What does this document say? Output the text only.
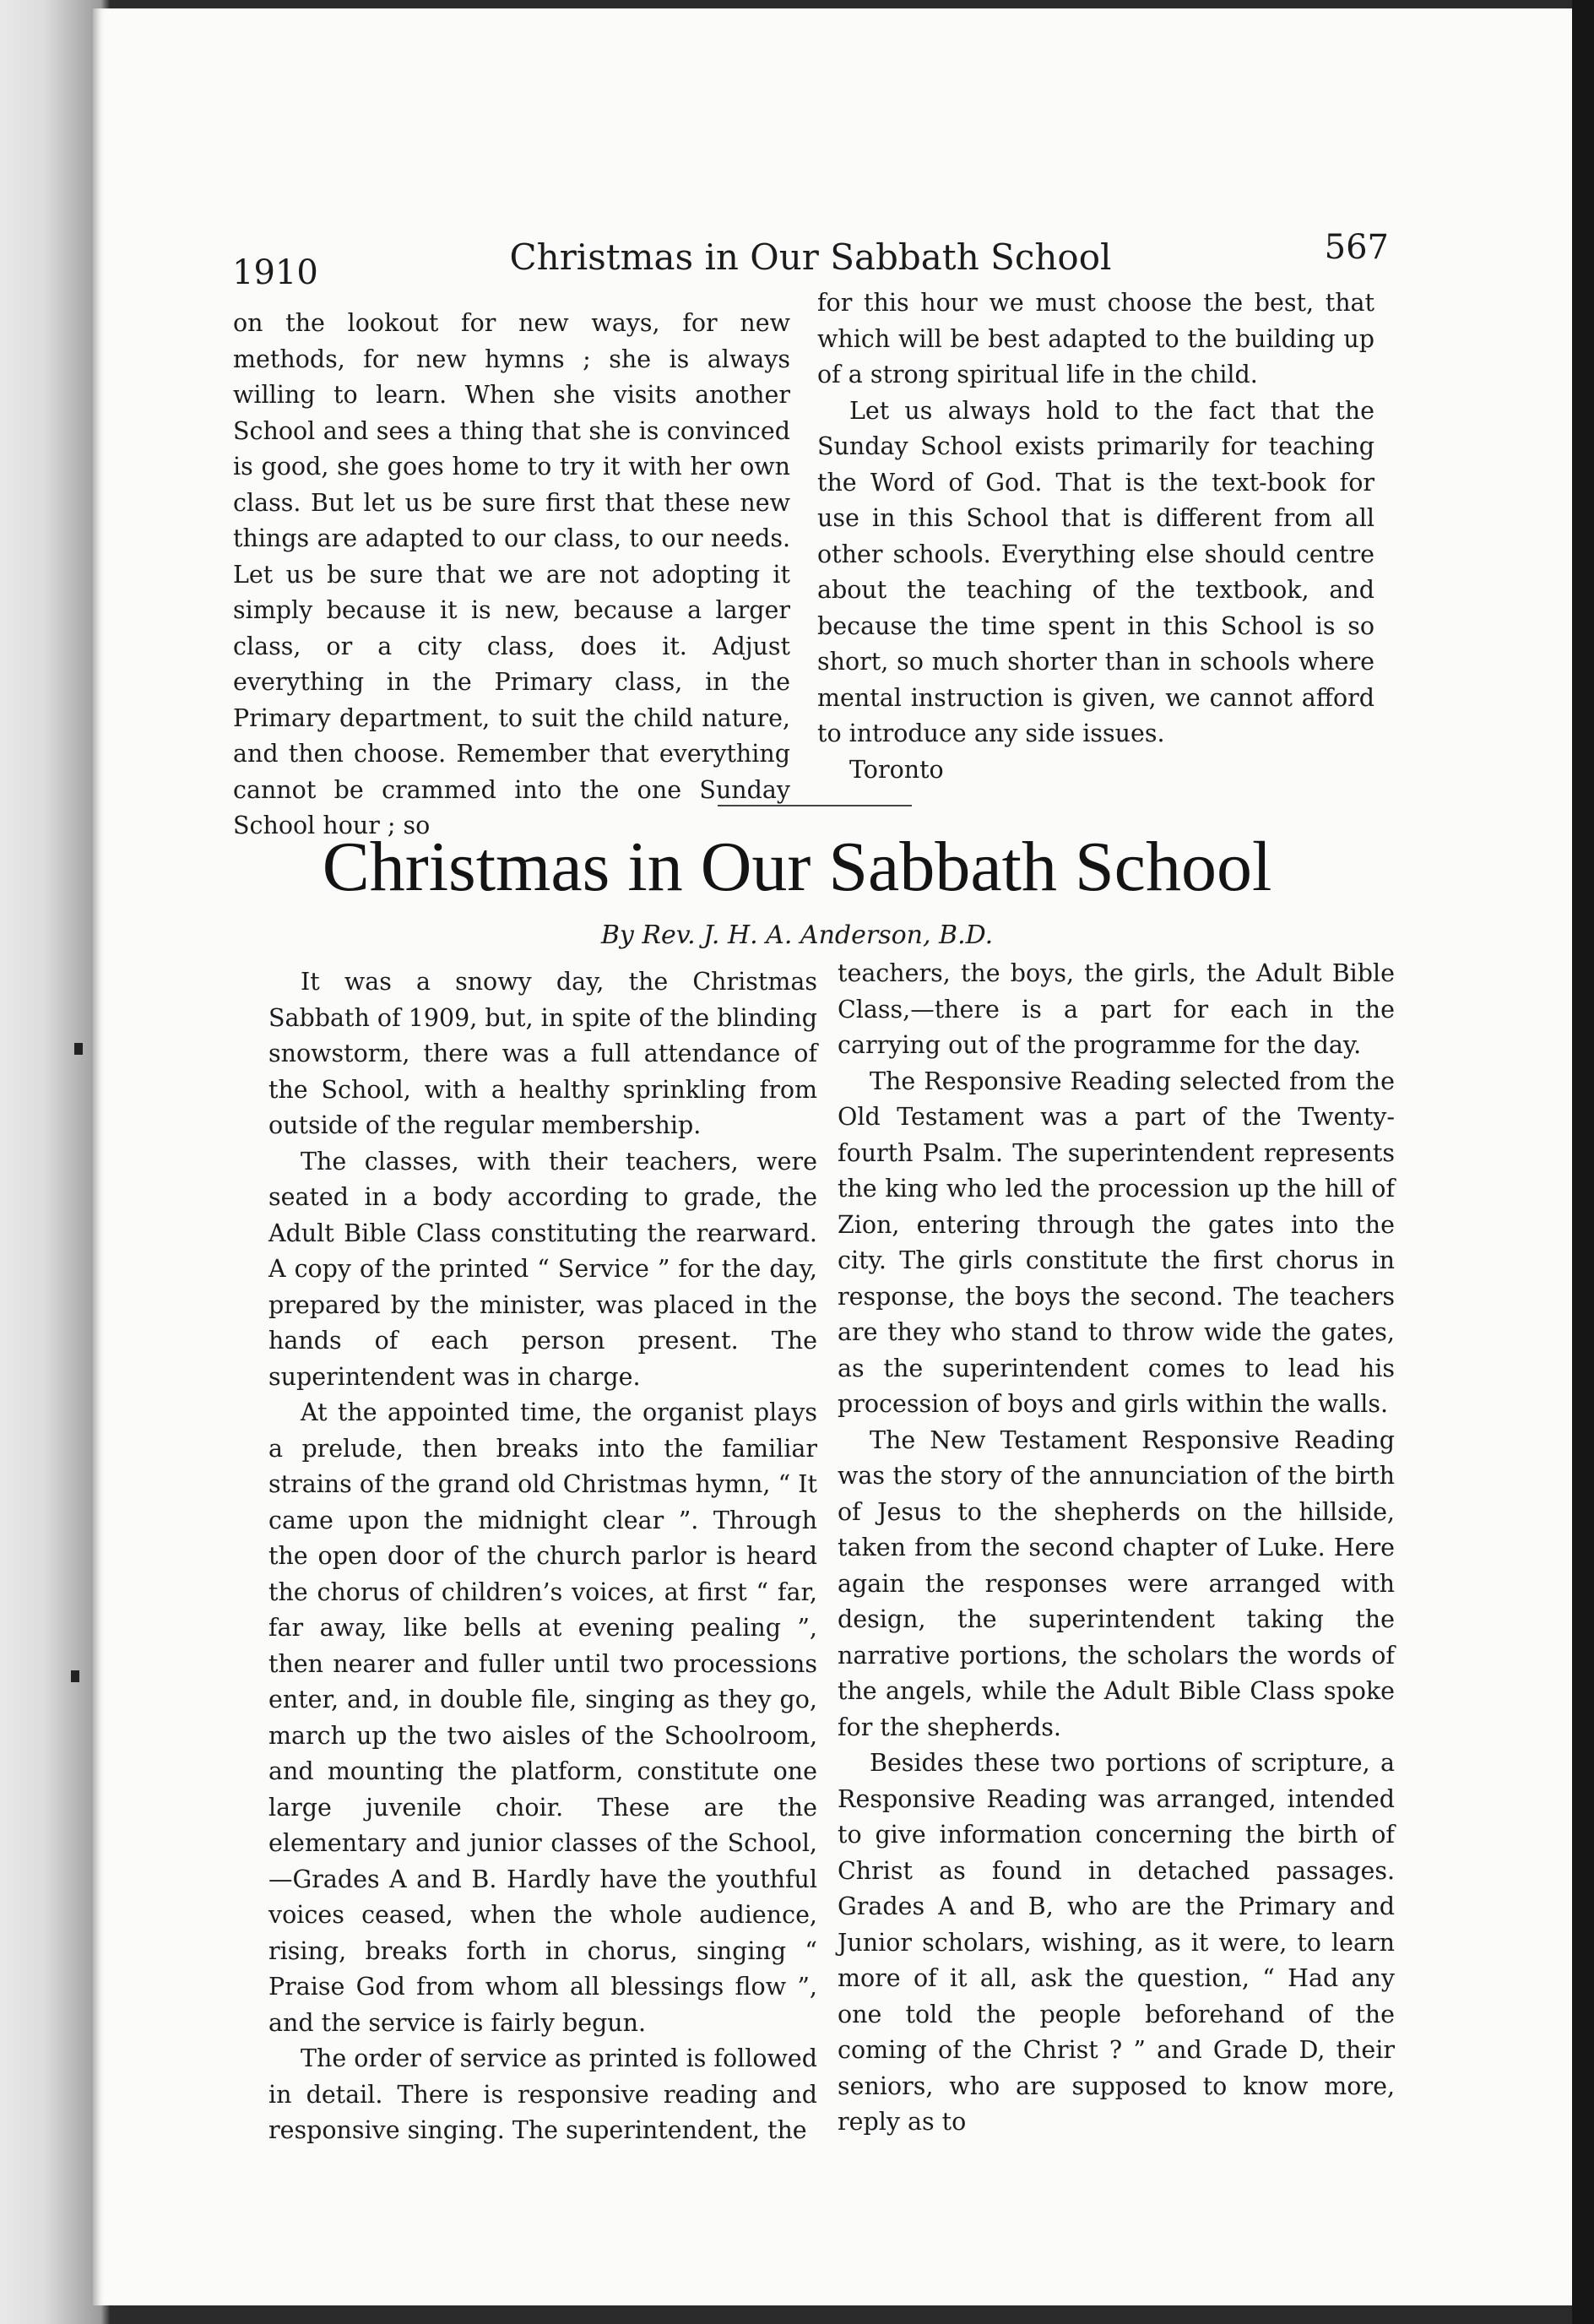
1910	Christmas in Our Sabbath School	567

on the lookout for new ways, for new methods, for new hymns ; she is always willing to learn. When she visits another School and sees a thing that she is convinced is good, she goes home to try it with her own class. But let us be sure first that these new things are adapted to our class, to our needs. Let us be sure that we are not adopting it simply because it is new, because a larger class, or a city class, does it. Adjust everything in the Primary class, in the Primary department, to suit the child nature, and then choose. Remember that everything cannot be crammed into the one Sunday School hour ; so

for this hour we must choose the best, that which will be best adapted to the building up of a strong spiritual life in the child.

Let us always hold to the fact that the Sunday School exists primarily for teaching the Word of God. That is the text-book for use in this School that is different from all other schools. Everything else should centre about the teaching of the textbook, and because the time spent in this School is so short, so much shorter than in schools where mental instruction is given, we cannot afford to introduce any side issues.

Toronto

Christmas in Our Sabbath School
By Rev. J. H. A. Anderson, B.D.

It was a snowy day, the Christmas Sabbath of 1909, but, in spite of the blinding snowstorm, there was a full attendance of the School, with a healthy sprinkling from outside of the regular membership.

The classes, with their teachers, were seated in a body according to grade, the Adult Bible Class constituting the rearward. A copy of the printed “ Service ” for the day, prepared by the minister, was placed in the hands of each person present. The superintendent was in charge.

At the appointed time, the organist plays a prelude, then breaks into the familiar strains of the grand old Christmas hymn, “ It came upon the midnight clear ”. Through the open door of the church parlor is heard the chorus of children’s voices, at first “ far, far away, like bells at evening pealing ”, then nearer and fuller until two processions enter, and, in double file, singing as they go, march up the two aisles of the Schoolroom, and mounting the platform, constitute one large juvenile choir. These are the elementary and junior classes of the School,—Grades A and B. Hardly have the youthful voices ceased, when the whole audience, rising, breaks forth in chorus, singing “ Praise God from whom all blessings flow ”, and the service is fairly begun.

The order of service as printed is followed in detail. There is responsive reading and responsive singing. The superintendent, the

teachers, the boys, the girls, the Adult Bible Class,—there is a part for each in the carrying out of the programme for the day.

The Responsive Reading selected from the Old Testament was a part of the Twenty-fourth Psalm. The superintendent represents the king who led the procession up the hill of Zion, entering through the gates into the city. The girls constitute the first chorus in response, the boys the second. The teachers are they who stand to throw wide the gates, as the superintendent comes to lead his procession of boys and girls within the walls.

The New Testament Responsive Reading was the story of the annunciation of the birth of Jesus to the shepherds on the hillside, taken from the second chapter of Luke. Here again the responses were arranged with design, the superintendent taking the narrative portions, the scholars the words of the angels, while the Adult Bible Class spoke for the shepherds.

Besides these two portions of scripture, a Responsive Reading was arranged, intended to give information concerning the birth of Christ as found in detached passages. Grades A and B, who are the Primary and Junior scholars, wishing, as it were, to learn more of it all, ask the question, “ Had any one told the people beforehand of the coming of the Christ ? ” and Grade D, their seniors, who are supposed to know more, reply as to
